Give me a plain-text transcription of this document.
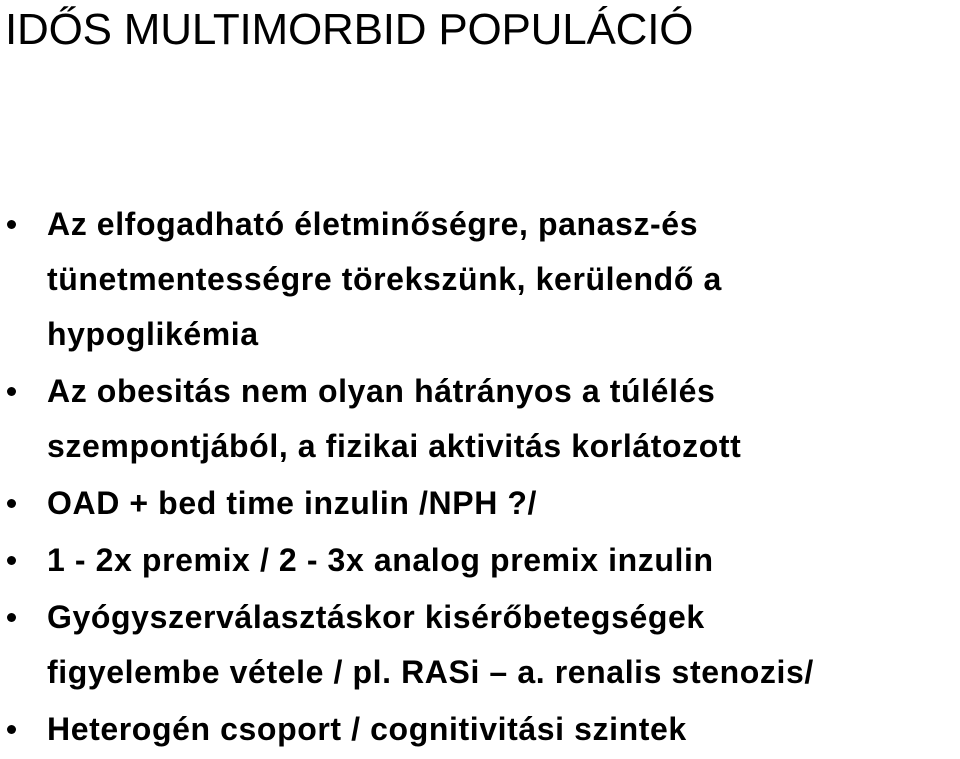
IDŐS MULTIMORBID POPULÁCIÓ
Az elfogadható életminőségre, panasz-és
tünetmentességre törekszünk, kerülendő a
hypoglikémia
Az obesitás nem olyan hátrányos a túlélés
szempontjából, a fizikai aktivitás korlátozott
OAD + bed time inzulin /NPH ?/
1 - 2x premix / 2 - 3x analog premix inzulin
Gyógyszerválasztáskor kisérőbetegségek
figyelembe vétele / pl. RASi – a. renalis stenozis/
Heterogén csoport / cognitivitási szintek
